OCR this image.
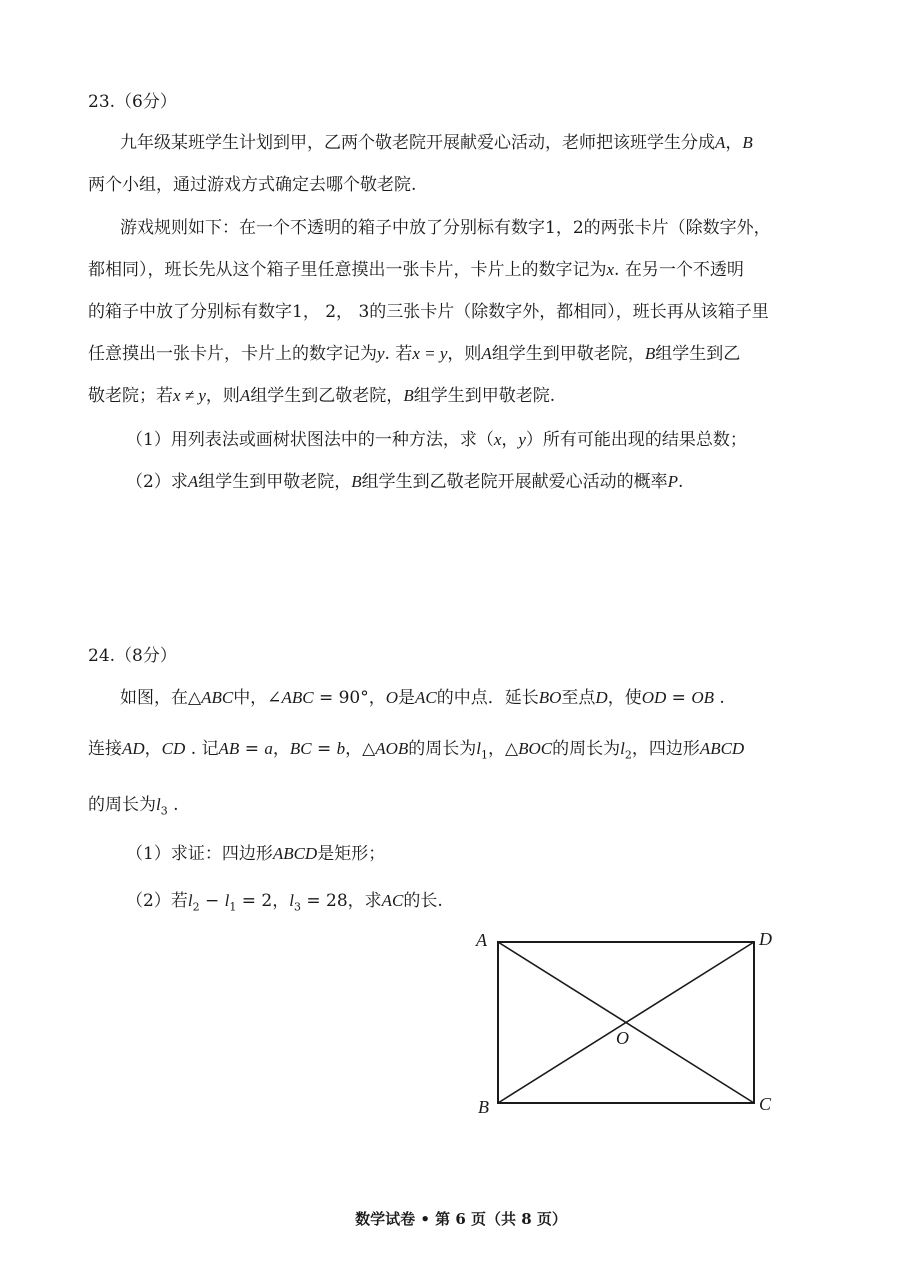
23.（6分）
九年级某班学生计划到甲，乙两个敬老院开展献爱心活动，老师把该班学生分成A，B
两个小组，通过游戏方式确定去哪个敬老院.
游戏规则如下：在一个不透明的箱子中放了分别标有数字1，2的两张卡片（除数字外，
都相同），班长先从这个箱子里任意摸出一张卡片，卡片上的数字记为x. 在另一个不透明
的箱子中放了分别标有数字1， 2， 3的三张卡片（除数字外，都相同），班长再从该箱子里
任意摸出一张卡片，卡片上的数字记为y. 若x = y，则A组学生到甲敬老院，B组学生到乙
敬老院；若x ≠ y，则A组学生到乙敬老院，B组学生到甲敬老院.
（1）用列表法或画树状图法中的一种方法，求（x，y）所有可能出现的结果总数；
（2）求A组学生到甲敬老院，B组学生到乙敬老院开展献爱心活动的概率P.
24.（8分）
如图，在△ABC中，∠ABC = 90°，O是AC的中点．延长BO至点D，使OD = OB .
连接AD，CD . 记AB = a，BC = b，△AOB的周长为$l_1$，△BOC的周长为$l_2$，四边形ABCD
的周长为$l_3$ .
（1）求证：四边形ABCD是矩形；
（2）若$l_2 - l_1 = 2$，$l_3 = 28$，求AC的长.
A	D
B	C
O
数学试卷 • 第 6 页（共 8 页）
